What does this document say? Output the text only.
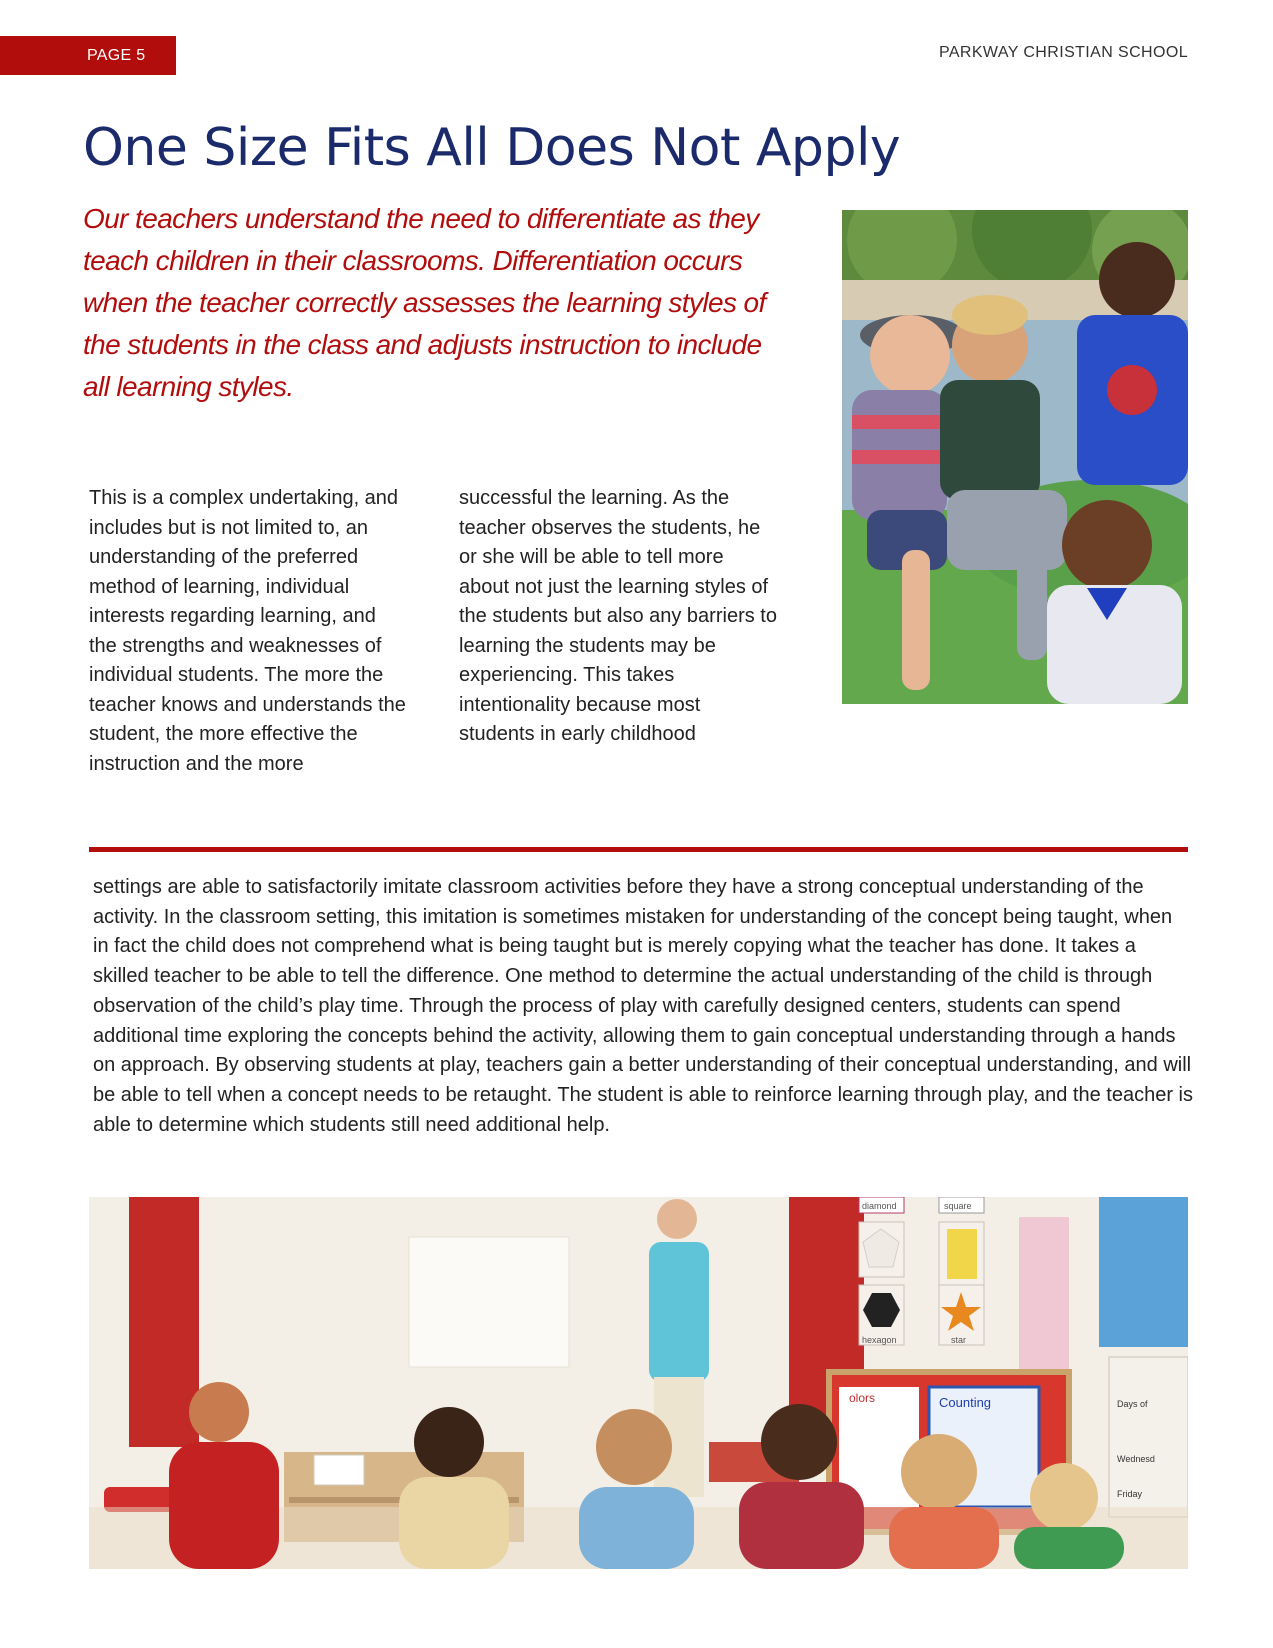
PAGE 5	PARKWAY CHRISTIAN SCHOOL
One Size Fits All Does Not Apply

Our teachers understand the need to differentiate as they teach children in their classrooms. Differentiation occurs when the teacher correctly assesses the learning styles of the students in the class and adjusts instruction to include all learning styles.

This is a complex undertaking, and includes but is not limited to, an understanding of the preferred method of learning, individual interests regarding learning, and the strengths and weaknesses of individual students. The more the teacher knows and understands the student, the more effective the instruction and the more

successful the learning. As the teacher observes the students, he or she will be able to tell more about not just the learning styles of the students but also any barriers to learning the students may be experiencing. This takes intentionality because most students in early childhood

settings are able to satisfactorily imitate classroom activities before they have a strong conceptual understanding of the activity. In the classroom setting, this imitation is sometimes mistaken for understanding of the concept being taught, when in fact the child does not comprehend what is being taught but is merely copying what the teacher has done. It takes a skilled teacher to be able to tell the difference. One method to determine the actual understanding of the child is through observation of the child’s play time. Through the process of play with carefully designed centers, students can spend additional time exploring the concepts behind the activity, allowing them to gain conceptual understanding through a hands on approach. By observing students at play, teachers gain a better understanding of their conceptual understanding, and will be able to tell when a concept needs to be retaught. The student is able to reinforce learning through play, and the teacher is able to determine which students still need additional help.

diamond	square
hexagon	star
Days of
Wednesd
Friday
olors	Counting
